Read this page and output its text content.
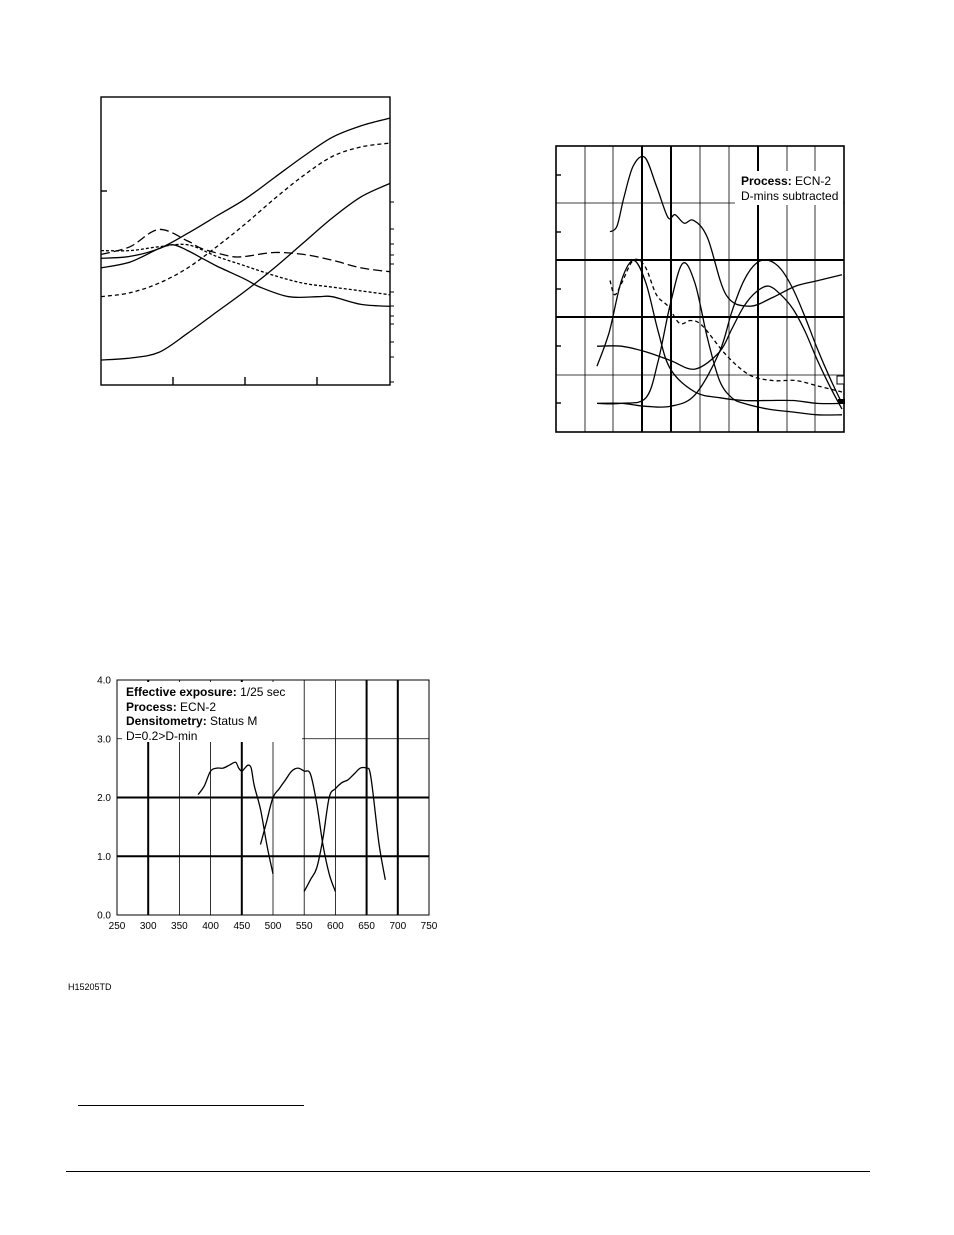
Process: ECN-2
D-mins subtracted
250 300 350 400 450 500 550 600 650 700 750
0.0
1.0
2.0
3.0
4.0
Effective exposure: 1/25 sec
Process: ECN-2
Densitometry: Status M
D=0.2>D-min
H15205TD
